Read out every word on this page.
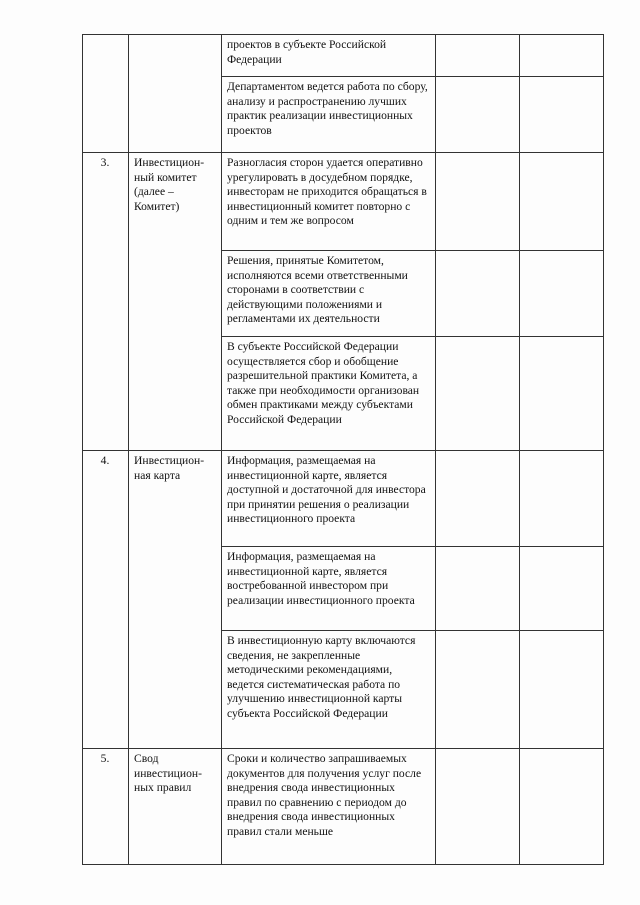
		проектов в субъекте Российской Федерации		
		Департаментом ведется работа по сбору, анализу и распространению лучших практик реализации инвестиционных проектов		
3.	Инвестицион-ный комитет (далее – Комитет)	Разногласия сторон удается оперативно урегулировать в досудебном порядке, инвесторам не приходится обращаться в инвестиционный комитет повторно с одним и тем же вопросом		
		Решения, принятые Комитетом, исполняются всеми ответственными сторонами в соответствии с действующими положениями и регламентами их деятельности		
		В субъекте Российской Федерации осуществляется сбор и обобщение разрешительной практики Комитета, а также при необходимости организован обмен практиками между субъектами Российской Федерации		
4.	Инвестицион-ная карта	Информация, размещаемая на инвестиционной карте, является доступной и достаточной для инвестора при принятии решения о реализации инвестиционного проекта		
		Информация, размещаемая на инвестиционной карте, является востребованной инвестором при реализации инвестиционного проекта		
		В инвестиционную карту включаются сведения, не закрепленные методическими рекомендациями, ведется систематическая работа по улучшению инвестиционной карты субъекта Российской Федерации		
5.	Свод инвестицион-ных правил	Сроки и количество запрашиваемых документов для получения услуг после внедрения свода инвестиционных правил по сравнению с периодом до внедрения свода инвестиционных правил стали меньше		
